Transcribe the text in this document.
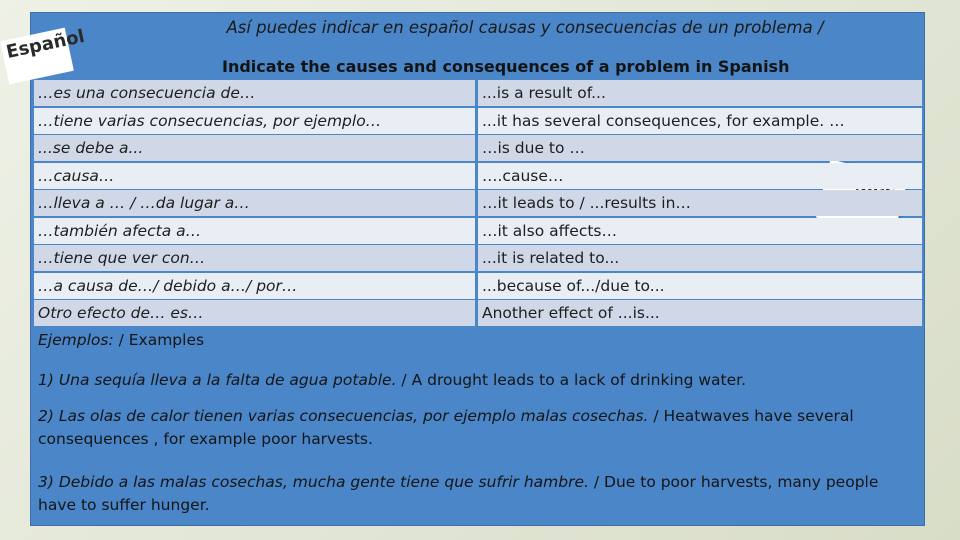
Español	Así puedes indicar en español causas y consecuencias de un problema /
Indicate the causes and consequences of a problem in Spanish
…es una consecuencia de…	...is a result of...
…tiene varias consecuencias, por ejemplo…	...it has several consequences, for example. …
...se debe a...	…is due to …
…causa…	….cause…
…lleva a … / …da lugar a…	…it leads to / ...results in…
…también afecta a…	…it also affects…
…tiene que ver con…	...it is related to...
…a causa de…/ debido a…/ por…	...because of.../due to...
Otro efecto de… es…	Another effect of ...is...
Ejemplos: / Examples
1) Una sequía lleva a la falta de agua potable. / A drought leads to a lack of drinking water.
2) Las olas de calor tienen varias consecuencias, por ejemplo malas cosechas. / Heatwaves have several consequences , for example poor harvests.
3) Debido a las malas cosechas, mucha gente tiene que sufrir hambre. / Due to poor harvests, many people have to suffer hunger.
